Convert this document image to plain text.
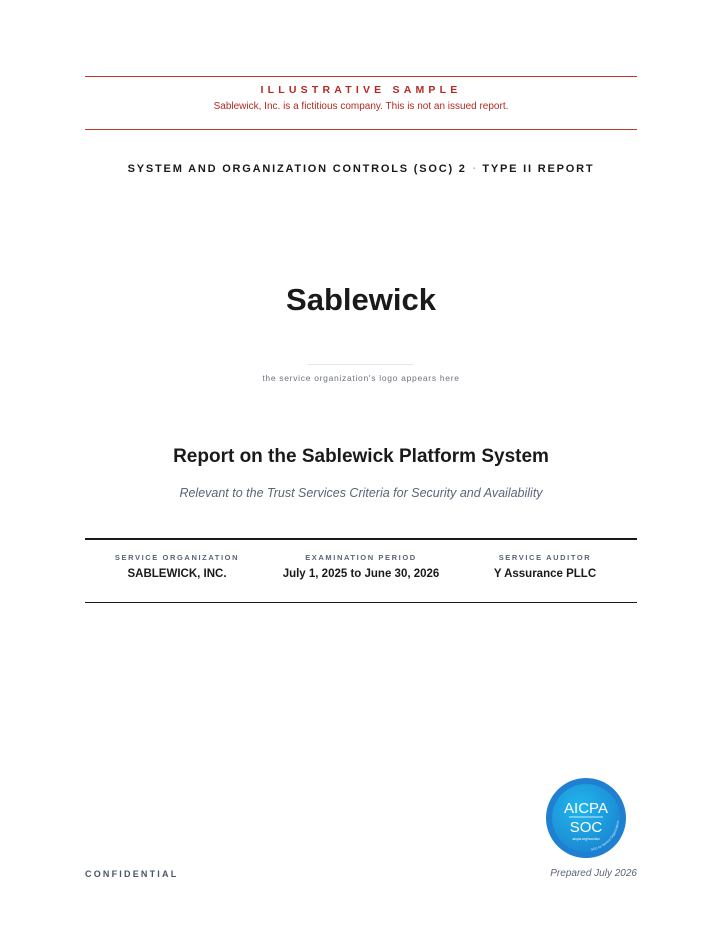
ILLUSTRATIVE SAMPLE
Sablewick, Inc. is a fictitious company. This is not an issued report.
SYSTEM AND ORGANIZATION CONTROLS (SOC) 2 · TYPE II REPORT
Sablewick
the service organization's logo appears here
Report on the Sablewick Platform System
Relevant to the Trust Services Criteria for Security and Availability
SERVICE ORGANIZATION
SABLEWICK, INC.
EXAMINATION PERIOD
July 1, 2025 to June 30, 2026
SERVICE AUDITOR
Y Assurance PLLC
AICPA
SOC
aicpa.org/soc4so
SOC for Service Organizations
CONFIDENTIAL	Prepared July 2026
